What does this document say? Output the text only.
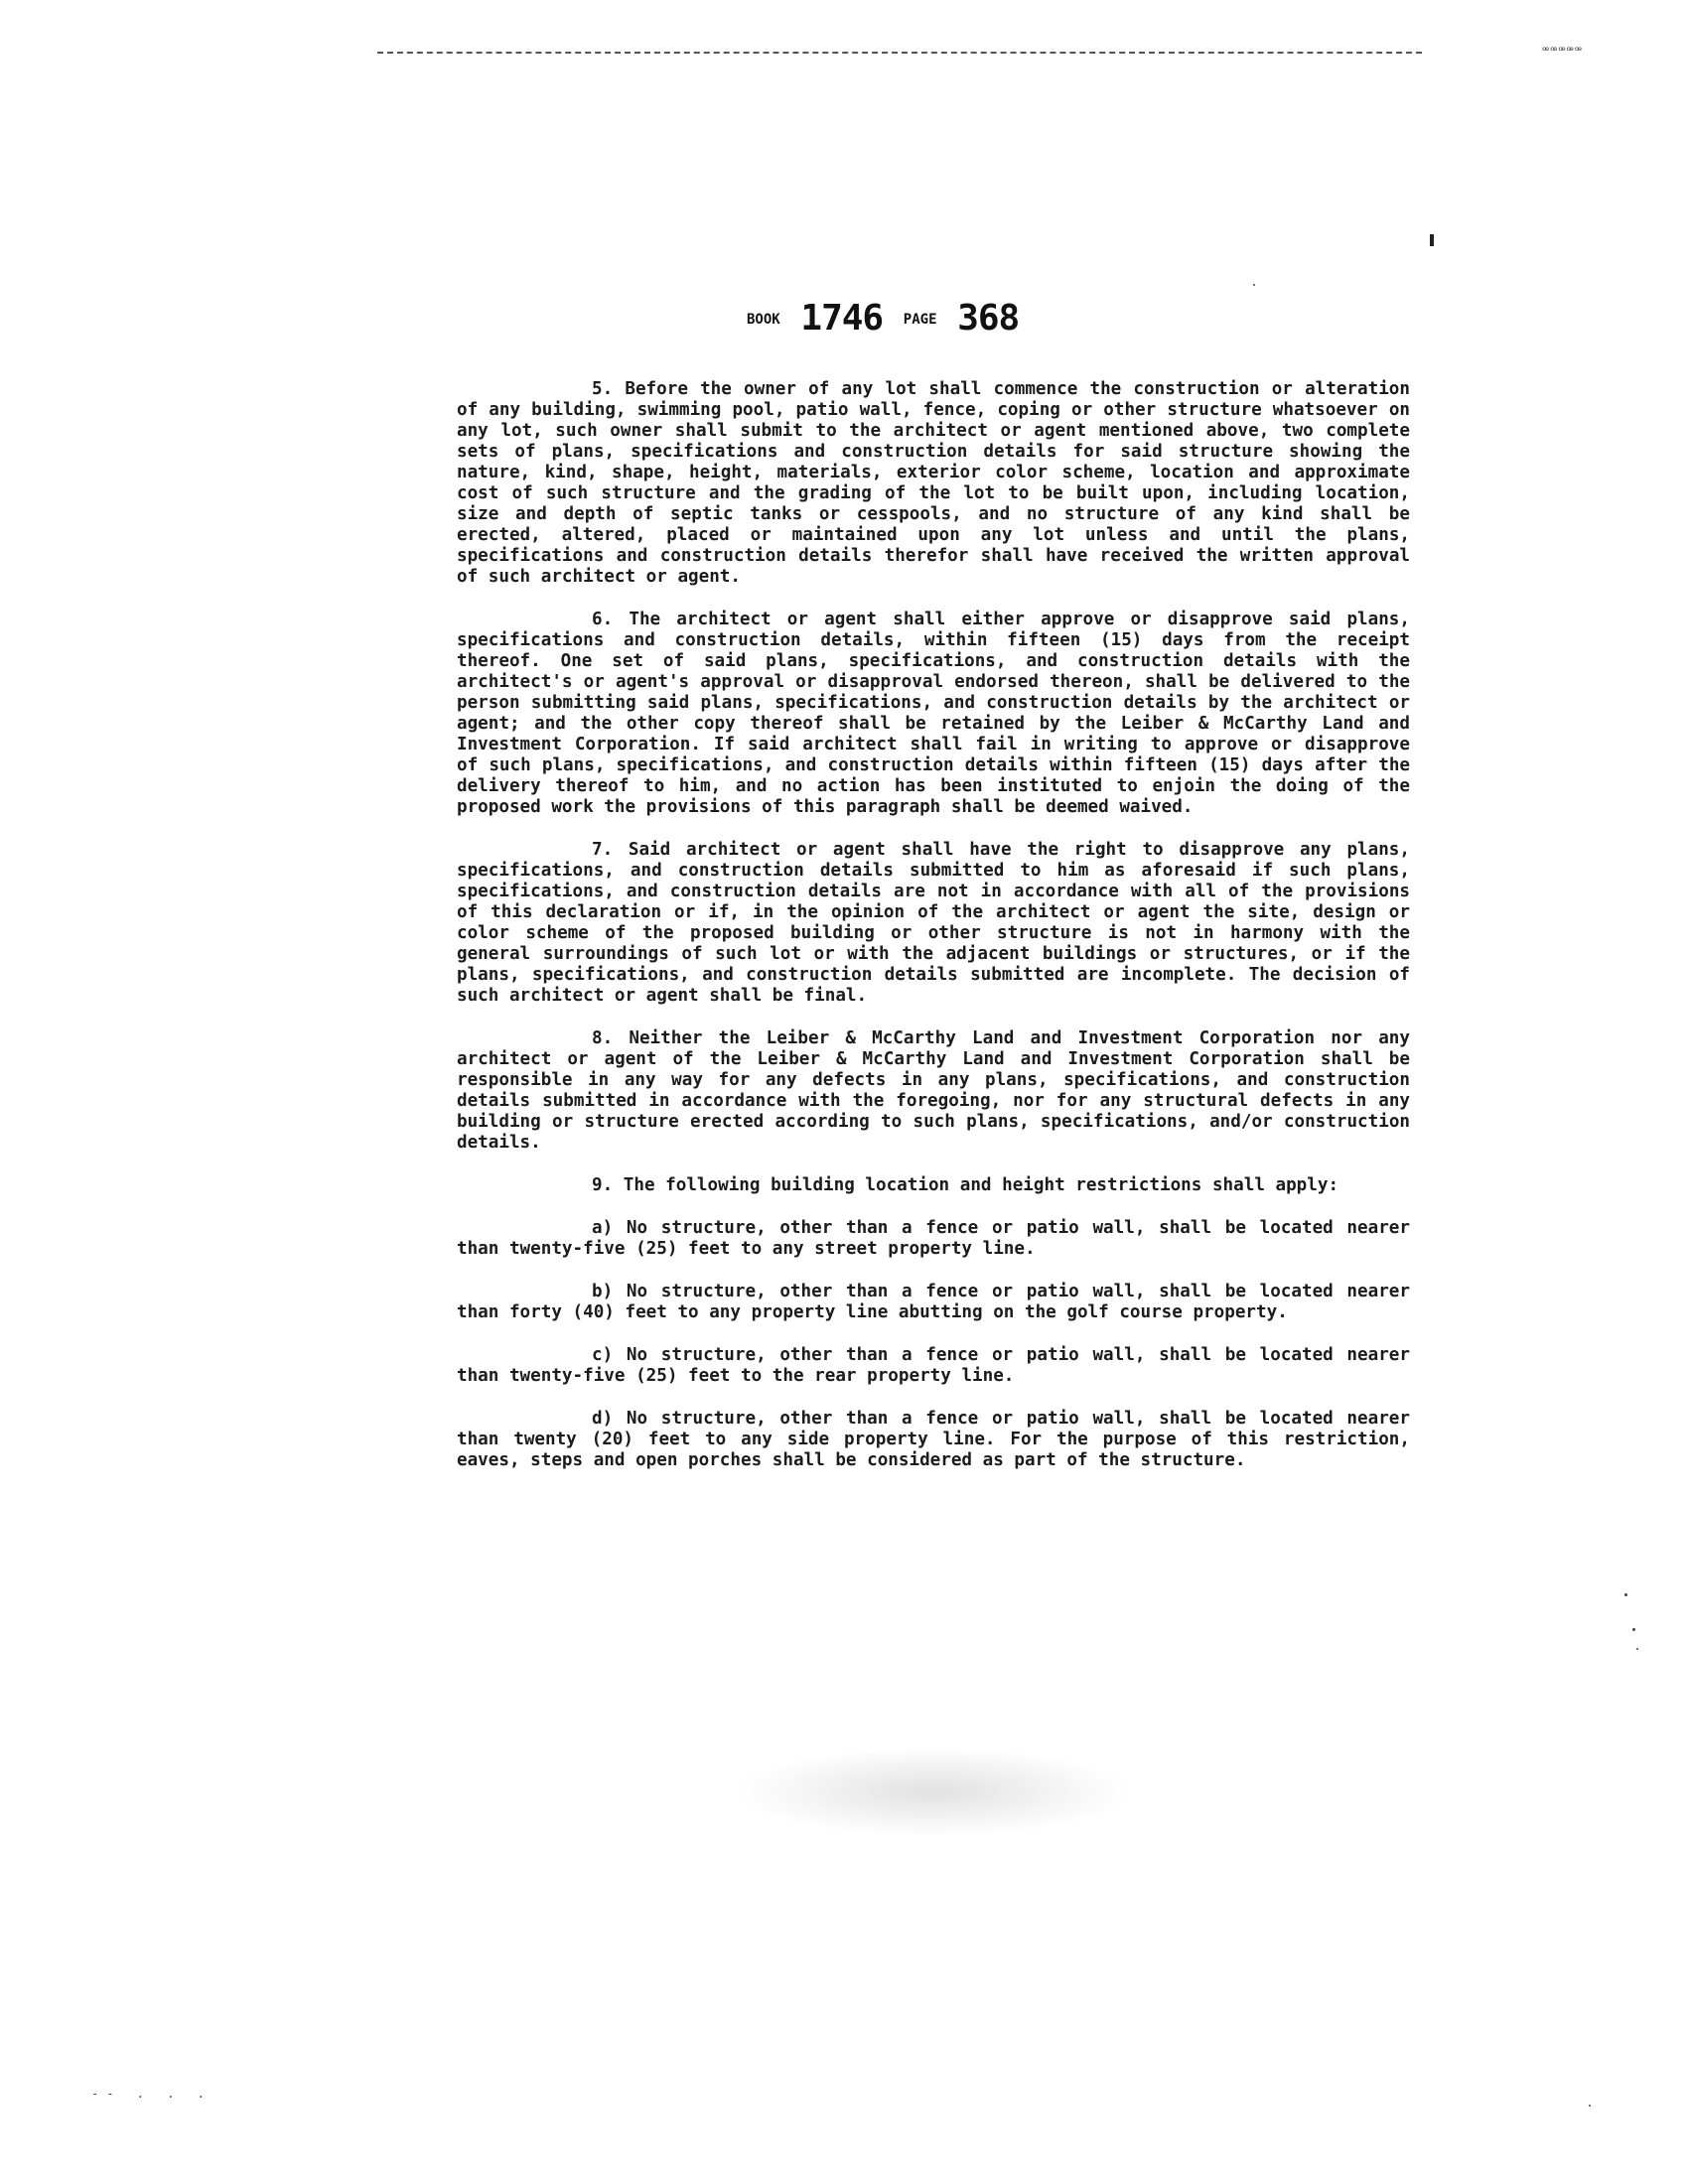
ꟹꟹꟹꟹꟹ
BOOK 1746 PAGE 368

5. Before the owner of any lot shall commence the construction or alteration of any building, swimming pool, patio wall, fence, coping or other structure whatsoever on any lot, such owner shall submit to the architect or agent mentioned above, two complete sets of plans, specifications and construction details for said structure showing the nature, kind, shape, height, materials, exterior color scheme, location and approximate cost of such structure and the grading of the lot to be built upon, including location, size and depth of septic tanks or cesspools, and no structure of any kind shall be erected, altered, placed or maintained upon any lot unless and until the plans, specifications and construction details therefor shall have received the written approval of such architect or agent.

6. The architect or agent shall either approve or disapprove said plans, specifications and construction details, within fifteen (15) days from the receipt thereof. One set of said plans, specifications, and construction details with the architect's or agent's approval or disapproval endorsed thereon, shall be delivered to the person submitting said plans, specifications, and construction details by the architect or agent; and the other copy thereof shall be retained by the Leiber & McCarthy Land and Investment Corporation. If said architect shall fail in writing to approve or disapprove of such plans, specifications, and construction details within fifteen (15) days after the delivery thereof to him, and no action has been instituted to enjoin the doing of the proposed work the provisions of this paragraph shall be deemed waived.

7. Said architect or agent shall have the right to disapprove any plans, specifications, and construction details submitted to him as aforesaid if such plans, specifications, and construction details are not in accordance with all of the provisions of this declaration or if, in the opinion of the architect or agent the site, design or color scheme of the proposed building or other structure is not in harmony with the general surroundings of such lot or with the adjacent buildings or structures, or if the plans, specifications, and construction details submitted are incomplete. The decision of such architect or agent shall be final.

8. Neither the Leiber & McCarthy Land and Investment Corporation nor any architect or agent of the Leiber & McCarthy Land and Investment Corporation shall be responsible in any way for any defects in any plans, specifications, and construction details submitted in accordance with the foregoing, nor for any structural defects in any building or structure erected according to such plans, specifications, and/or construction details.

9. The following building location and height restrictions shall apply:

a) No structure, other than a fence or patio wall, shall be located nearer than twenty-five (25) feet to any street property line.

b) No structure, other than a fence or patio wall, shall be located nearer than forty (40) feet to any property line abutting on the golf course property.

c) No structure, other than a fence or patio wall, shall be located nearer than twenty-five (25) feet to the rear property line.

d) No structure, other than a fence or patio wall, shall be located nearer than twenty (20) feet to any side property line. For the purpose of this restriction, eaves, steps and open porches shall be considered as part of the structure.

-- . . .
